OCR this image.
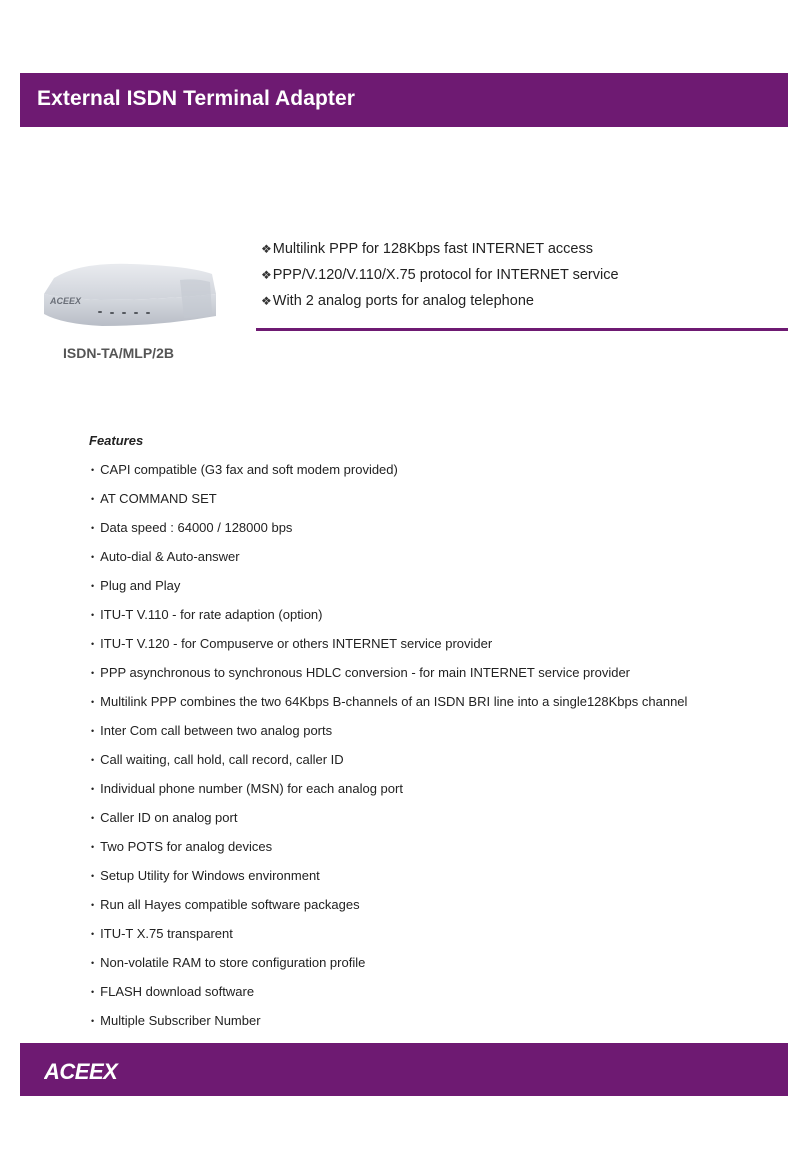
External ISDN Terminal Adapter
ACEEX
ISDN-TA/MLP/2B
❖Multilink PPP for 128Kbps fast INTERNET access
❖PPP/V.120/V.110/X.75 protocol for INTERNET service
❖With 2 analog ports for analog telephone
Features
• CAPI compatible (G3 fax and soft modem provided)
• AT COMMAND SET
• Data speed : 64000 / 128000 bps
• Auto-dial & Auto-answer
• Plug and Play
• ITU-T V.110 - for rate adaption (option)
• ITU-T V.120 - for Compuserve or others INTERNET service provider
• PPP asynchronous to synchronous HDLC conversion - for main INTERNET service provider
• Multilink PPP combines the two 64Kbps B-channels of an ISDN BRI line into a single128Kbps channel
• Inter Com call between two analog ports
• Call waiting, call hold, call record, caller ID
• Individual phone number (MSN) for each analog port
• Caller ID on analog port
• Two POTS for analog devices
• Setup Utility for Windows environment
• Run all Hayes compatible software packages
• ITU-T X.75 transparent
• Non-volatile RAM to store configuration profile
• FLASH download software
• Multiple Subscriber Number
ACEEX
